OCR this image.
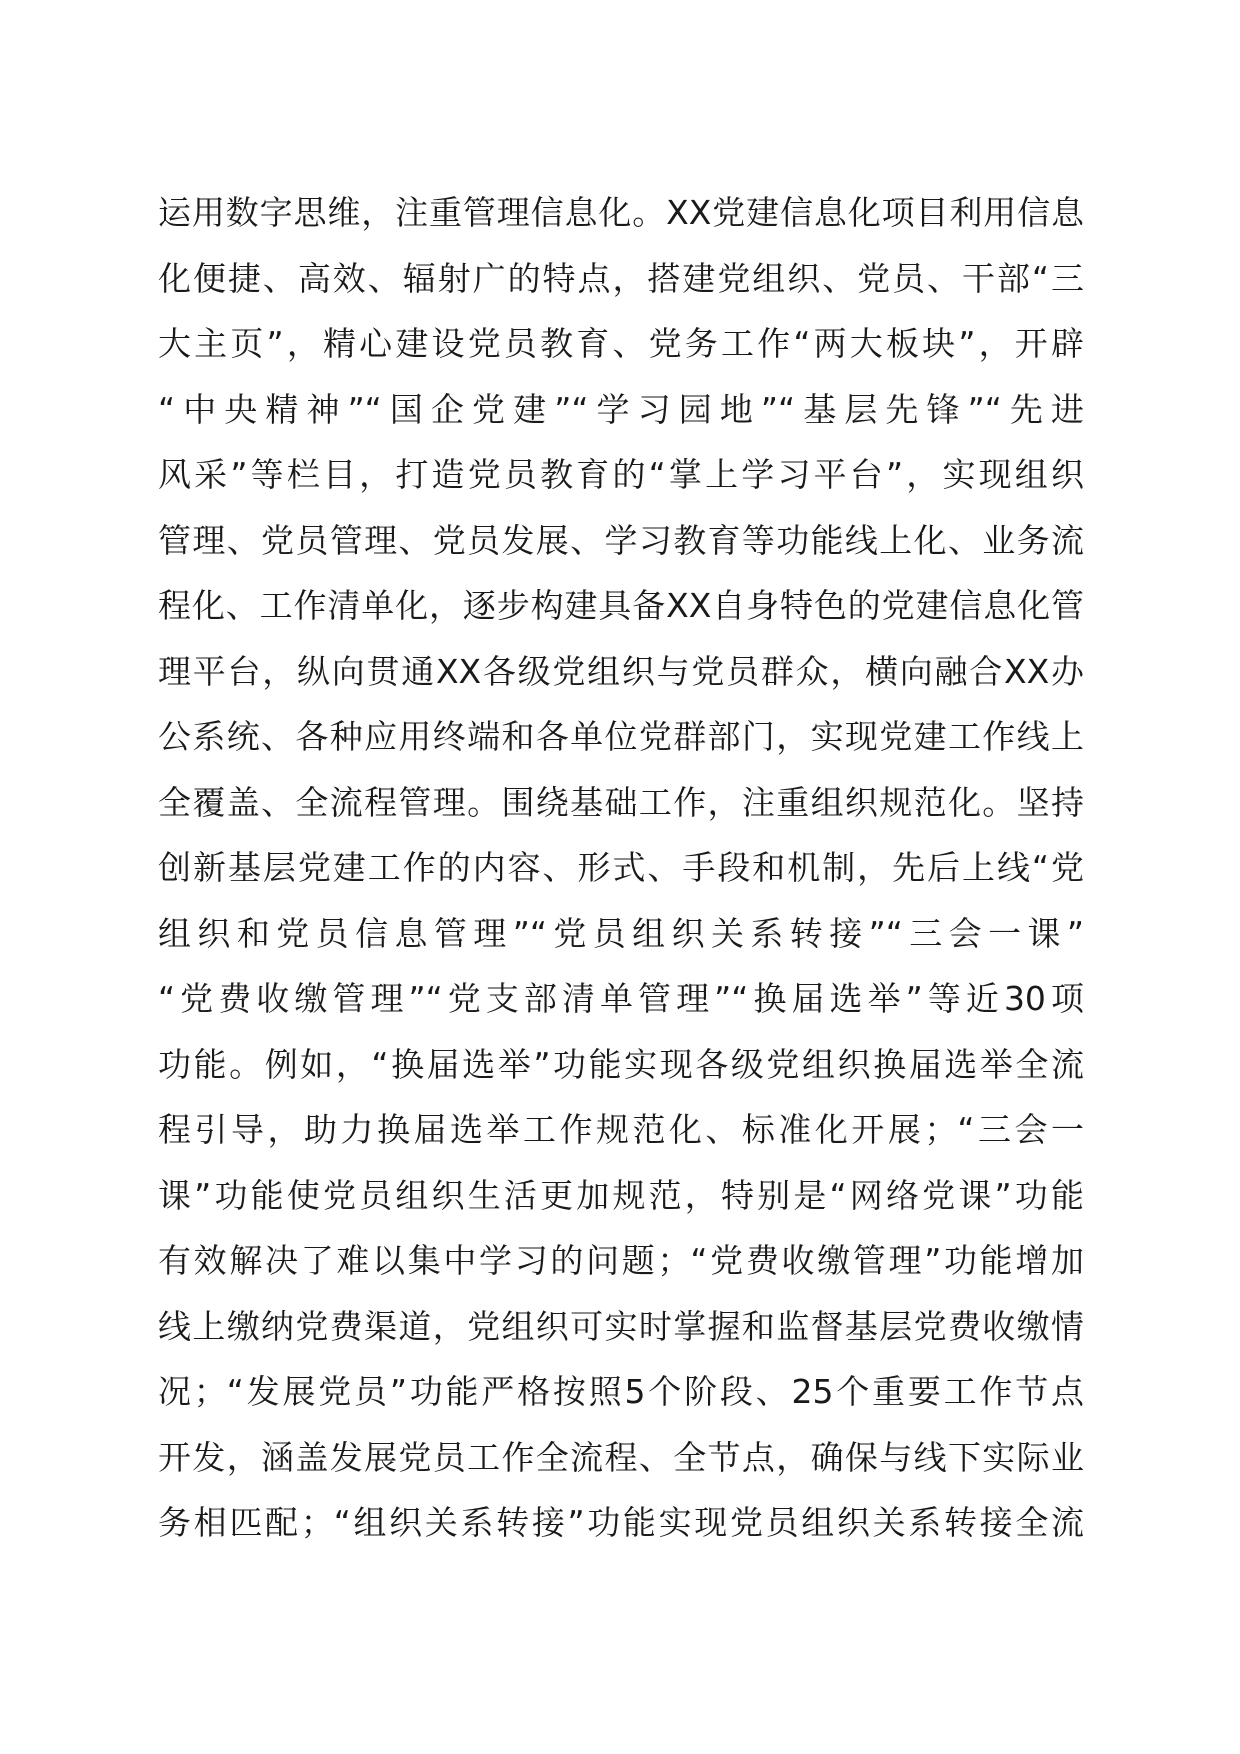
运用数字思维，注重管理信息化。XX党建信息化项目利用信息
化便捷、高效、辐射广的特点，搭建党组织、党员、干部“三
大主页”，精心建设党员教育、党务工作“两大板块”，开辟
“中央精神”“国企党建”“学习园地”“基层先锋”“先进
风采”等栏目，打造党员教育的“掌上学习平台”，实现组织
管理、党员管理、党员发展、学习教育等功能线上化、业务流
程化、工作清单化，逐步构建具备XX自身特色的党建信息化管
理平台，纵向贯通XX各级党组织与党员群众，横向融合XX办
公系统、各种应用终端和各单位党群部门，实现党建工作线上
全覆盖、全流程管理。围绕基础工作，注重组织规范化。坚持
创新基层党建工作的内容、形式、手段和机制，先后上线“党
组织和党员信息管理”“党员组织关系转接”“三会一课”
“党费收缴管理”“党支部清单管理”“换届选举”等近30项
功能。例如，“换届选举”功能实现各级党组织换届选举全流
程引导，助力换届选举工作规范化、标准化开展；“三会一
课”功能使党员组织生活更加规范，特别是“网络党课”功能
有效解决了难以集中学习的问题；“党费收缴管理”功能增加
线上缴纳党费渠道，党组织可实时掌握和监督基层党费收缴情
况；“发展党员”功能严格按照5个阶段、25个重要工作节点
开发，涵盖发展党员工作全流程、全节点，确保与线下实际业
务相匹配；“组织关系转接”功能实现党员组织关系转接全流
